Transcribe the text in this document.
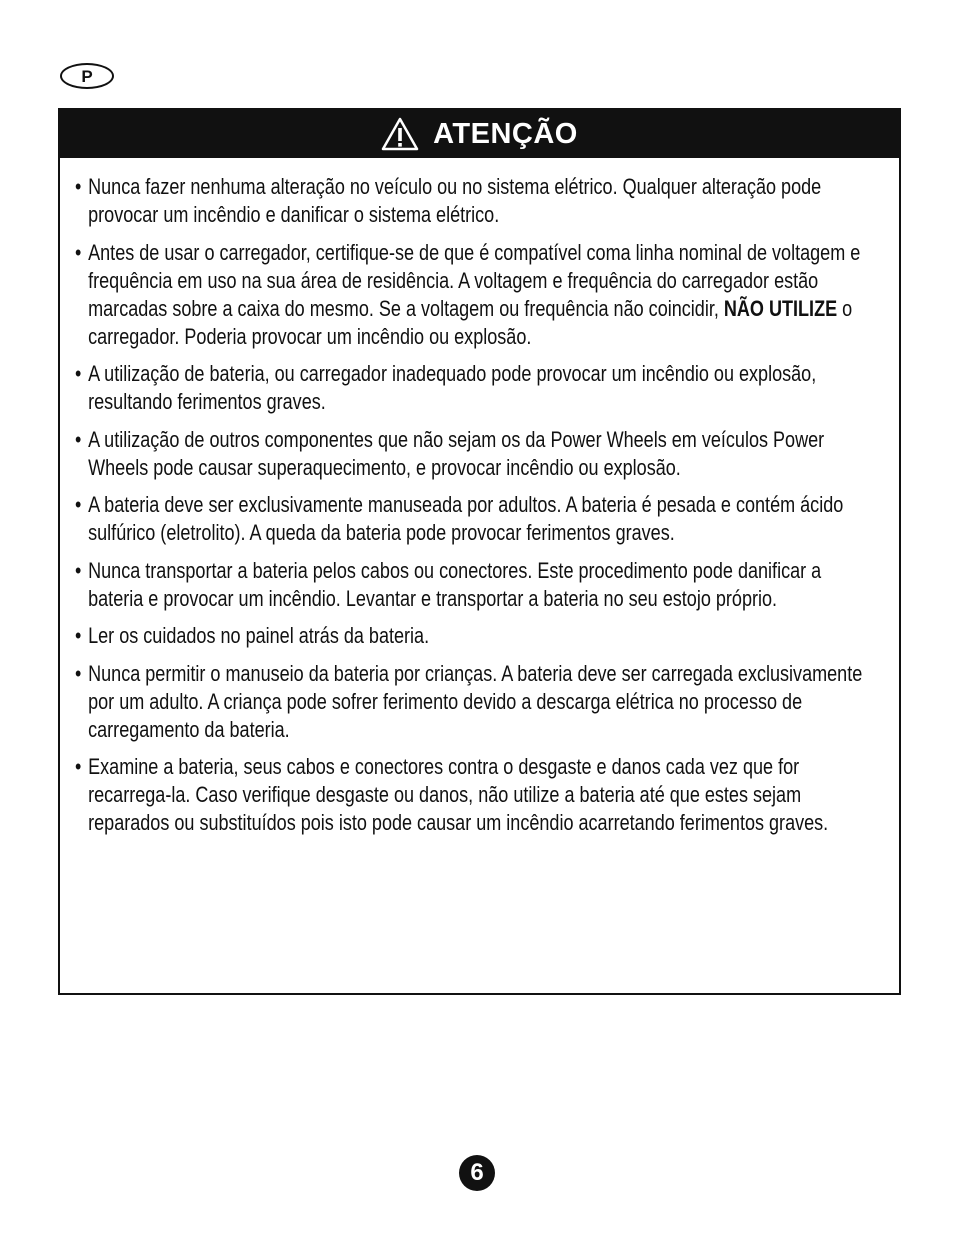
P
ATENÇÃO
• Nunca fazer nenhuma alteração no veículo ou no sistema elétrico. Qualquer alteração pode provocar um incêndio e danificar o sistema elétrico.
• Antes de usar o carregador, certifique-se de que é compatível coma linha nominal de voltagem e frequência em uso na sua área de residência. A voltagem e frequência do carregador estão marcadas sobre a caixa do mesmo. Se a voltagem ou frequência não coincidir, NÃO UTILIZE o carregador. Poderia provocar um incêndio ou explosão.
• A utilização de bateria, ou carregador inadequado pode provocar um incêndio ou explosão, resultando ferimentos graves.
• A utilização de outros componentes que não sejam os da Power Wheels em veículos Power Wheels pode causar superaquecimento, e provocar incêndio ou explosão.
• A bateria deve ser exclusivamente manuseada por adultos. A bateria é pesada e contém ácido sulfúrico (eletrolito). A queda da bateria pode provocar ferimentos graves.
• Nunca transportar a bateria pelos cabos ou conectores. Este procedimento pode danificar a bateria e provocar um incêndio. Levantar e transportar a bateria no seu estojo próprio.
• Ler os cuidados no painel atrás da bateria.
• Nunca permitir o manuseio da bateria por crianças. A bateria deve ser carregada exclusivamente por um adulto. A criança pode sofrer ferimento devido a descarga elétrica no processo de carregamento da bateria.
• Examine a bateria, seus cabos e conectores contra o desgaste e danos cada vez que for recarrega-la. Caso verifique desgaste ou danos, não utilize a bateria até que estes sejam reparados ou substituídos pois isto pode causar um incêndio acarretando ferimentos graves.
6
